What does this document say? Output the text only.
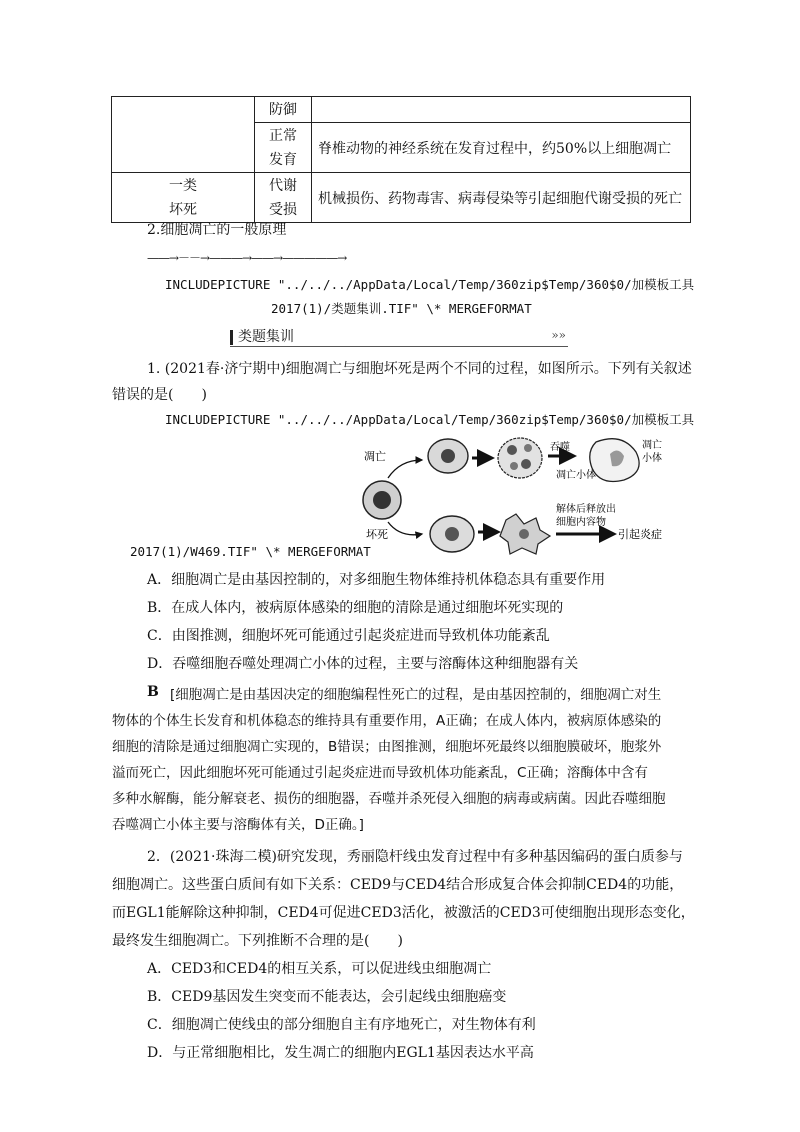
	防御	

	正常发育	脊椎动物的神经系统在发育过程中，约50%以上细胞凋亡

一类坏死	代谢受损	机械损伤、药物毒害、病毒侵染等引起细胞代谢受损的死亡
2.细胞凋亡的一般原理
——→－－→———→——→—————→
INCLUDEPICTURE "../../../AppData/Local/Temp/360zip$Temp/360$0/加模板工具
2017(1)/类题集训.TIF" \* MERGEFORMAT
类题集训	»»
1. (2021春·济宁期中)细胞凋亡与细胞坏死是两个不同的过程，如图所示。下列有关叙述
错误的是(　　)
INCLUDEPICTURE "../../../AppData/Local/Temp/360zip$Temp/360$0/加模板工具
凋亡
坏死
吞噬
凋亡小体
凋亡
小体
解体后释放出
细胞内容物
引起炎症
2017(1)/W469.TIF" \* MERGEFORMAT
A．细胞凋亡是由基因控制的，对多细胞生物体维持机体稳态具有重要作用
B．在成人体内，被病原体感染的细胞的清除是通过细胞坏死实现的
C．由图推测，细胞坏死可能通过引起炎症进而导致机体功能紊乱
D．吞噬细胞吞噬处理凋亡小体的过程，主要与溶酶体这种细胞器有关
B [细胞凋亡是由基因决定的细胞编程性死亡的过程，是由基因控制的，细胞凋亡对生
物体的个体生长发育和机体稳态的维持具有重要作用，A正确；在成人体内，被病原体感染的
细胞的清除是通过细胞凋亡实现的，B错误；由图推测，细胞坏死最终以细胞膜破坏，胞浆外
溢而死亡，因此细胞坏死可能通过引起炎症进而导致机体功能紊乱，C正确；溶酶体中含有
多种水解酶，能分解衰老、损伤的细胞器，吞噬并杀死侵入细胞的病毒或病菌。因此吞噬细胞
吞噬凋亡小体主要与溶酶体有关，D正确。]
2．(2021·珠海二模)研究发现，秀丽隐杆线虫发育过程中有多种基因编码的蛋白质参与
细胞凋亡。这些蛋白质间有如下关系：CED9与CED4结合形成复合体会抑制CED4的功能，
而EGL1能解除这种抑制，CED4可促进CED3活化，被激活的CED3可使细胞出现形态变化，
最终发生细胞凋亡。下列推断不合理的是(　　)
A．CED3和CED4的相互关系，可以促进线虫细胞凋亡
B．CED9基因发生突变而不能表达，会引起线虫细胞癌变
C．细胞凋亡使线虫的部分细胞自主有序地死亡，对生物体有利
D．与正常细胞相比，发生凋亡的细胞内EGL1基因表达水平高
